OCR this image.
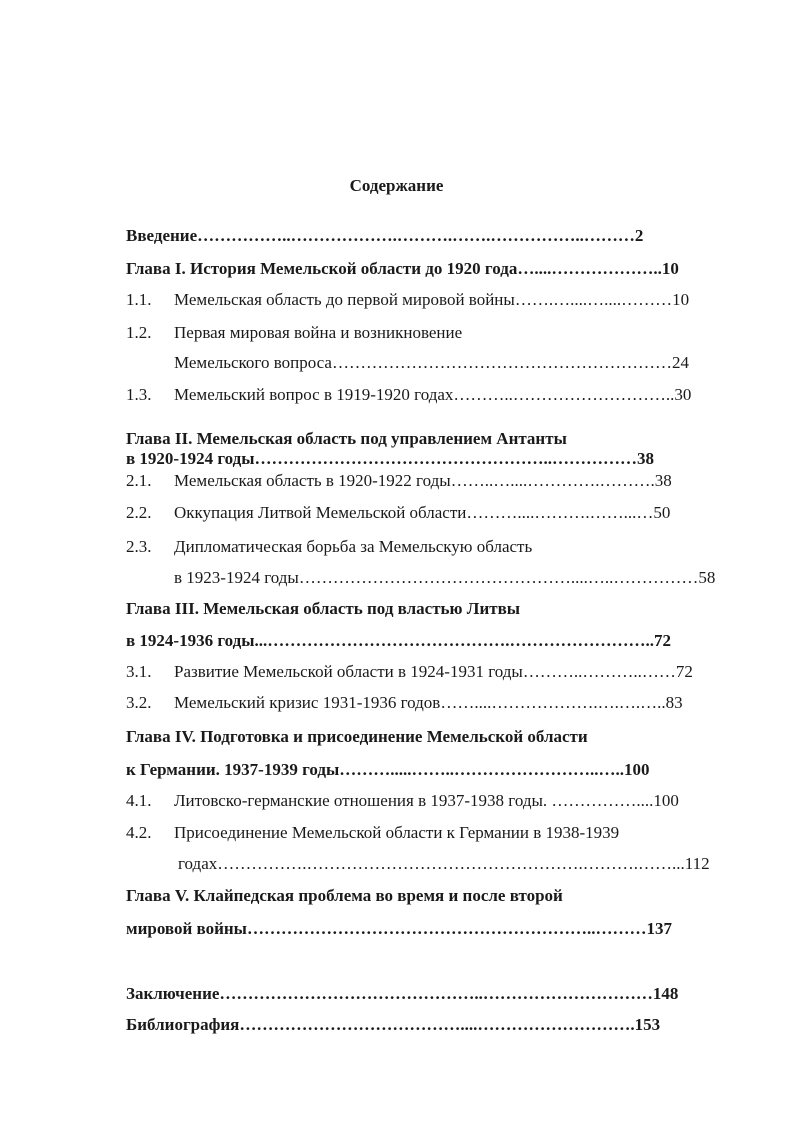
Содержание
Введение……………..……………….……….…….……………..………2
Глава I. История Мемельской области до 1920 года…....………………..10
1.1. Мемельская область до первой мировой войны…….…....…....………10
1.2. Первая мировая война и возникновение
Мемельского вопроса……………………………………………………24
1.3. Мемельский вопрос в 1919-1920 годах………..………………………..30
Глава II. Мемельская область под управлением Антанты
в 1920-1924 годы……………………………………………..……………38
2.1. Мемельская область в 1920-1922 годы……..…....………….……….38
2.2. Оккупация Литвой Мемельской области………....……….……...…50
2.3. Дипломатическая борьба за Мемельскую область
в 1923-1924 годы…………………………………………....…..……………58
Глава III. Мемельская область под властью Литвы
в 1924-1936 годы...…………………………………….……………………..72
3.1. Развитие Мемельской области в 1924-1931 годы………..………..……72
3.2. Мемельский кризис 1931-1936 годов……....……………….….….…..83
Глава IV. Подготовка и присоединение Мемельской области
к Германии. 1937-1939 годы……….....……..……………………..…..100
4.1. Литовско-германские отношения в 1937-1938 годы. ……………....100
4.2. Присоединение Мемельской области к Германии в 1938-1939
годах…………….………………………………………….……….……...112
Глава V. Клайпедская проблема во время и после второй
мировой войны……………………………………………………..………137
Заключение………………………………………..…………………………148
Библиография…………………………………....……………………….153
